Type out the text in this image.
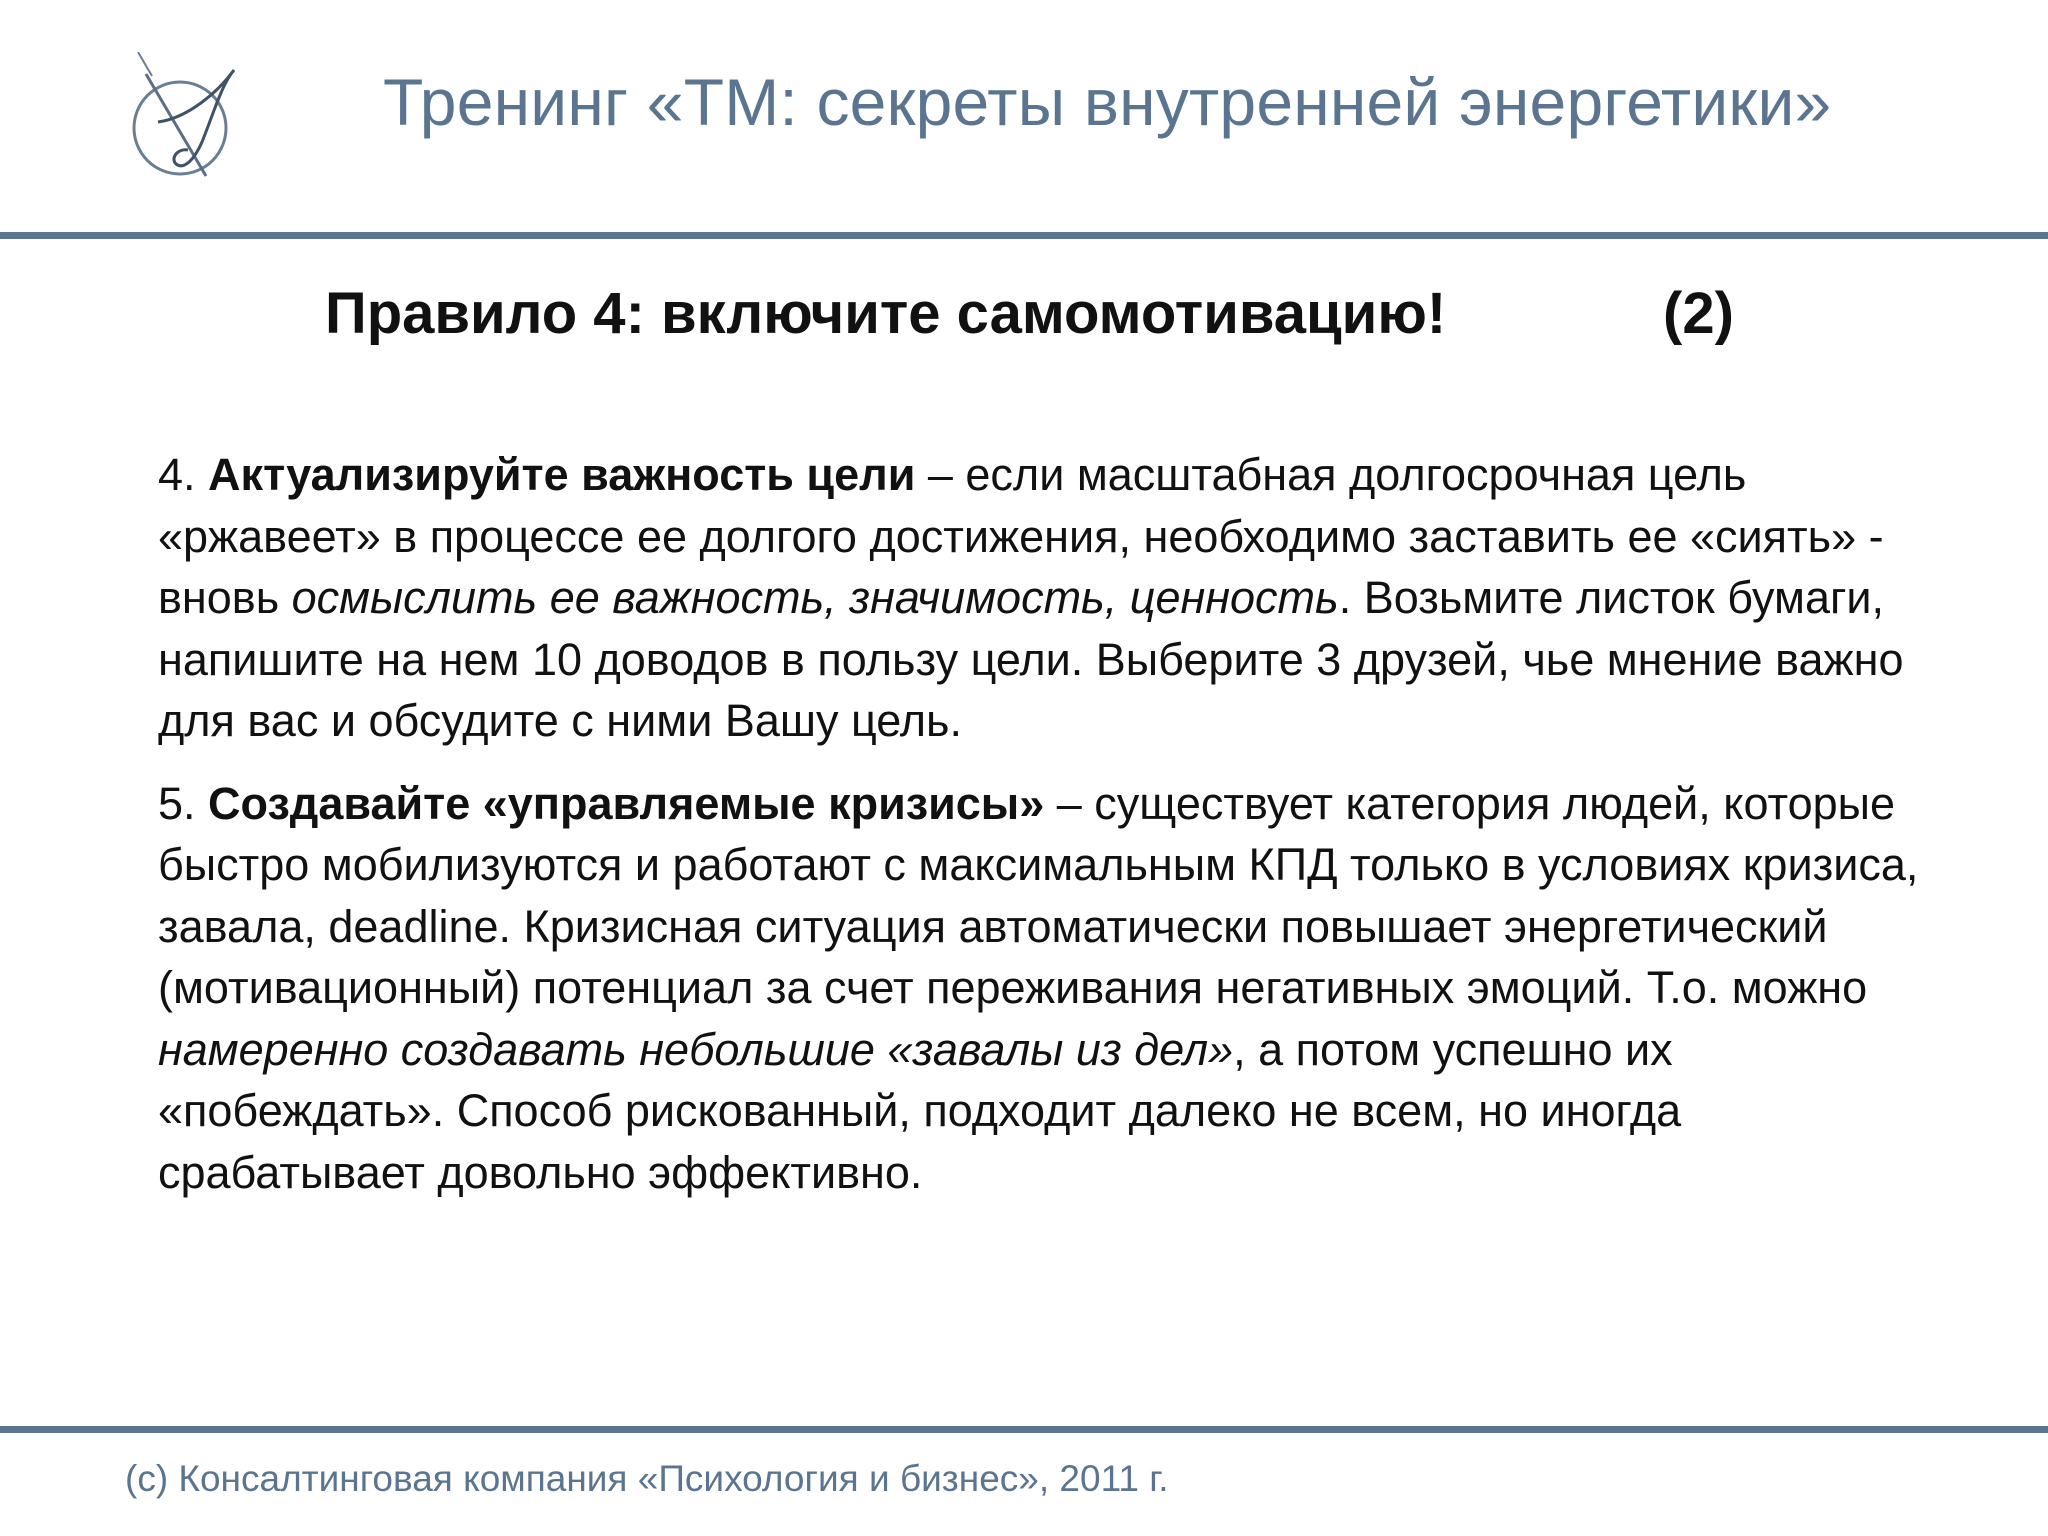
Тренинг «ТМ: секреты внутренней энергетики»
Правило 4: включите самомотивацию!	(2)

4. Актуализируйте важность цели – если масштабная долгосрочная цель «ржавеет» в процессе ее долгого достижения, необходимо заставить ее «сиять» - вновь осмыслить ее важность, значимость, ценность. Возьмите листок бумаги, напишите на нем 10 доводов в пользу цели. Выберите 3 друзей, чье мнение важно для вас и обсудите с ними Вашу цель.

5. Создавайте «управляемые кризисы» – существует категория людей, которые быстро мобилизуются и работают с максимальным КПД только в условиях кризиса, завала, deadline. Кризисная ситуация автоматически повышает энергетический (мотивационный) потенциал за счет переживания негативных эмоций. Т.о. можно намеренно создавать небольшие «завалы из дел», а потом успешно их «побеждать». Способ рискованный, подходит далеко не всем, но иногда срабатывает довольно эффективно.

(c) Консалтинговая компания «Психология и бизнес», 2011 г.
